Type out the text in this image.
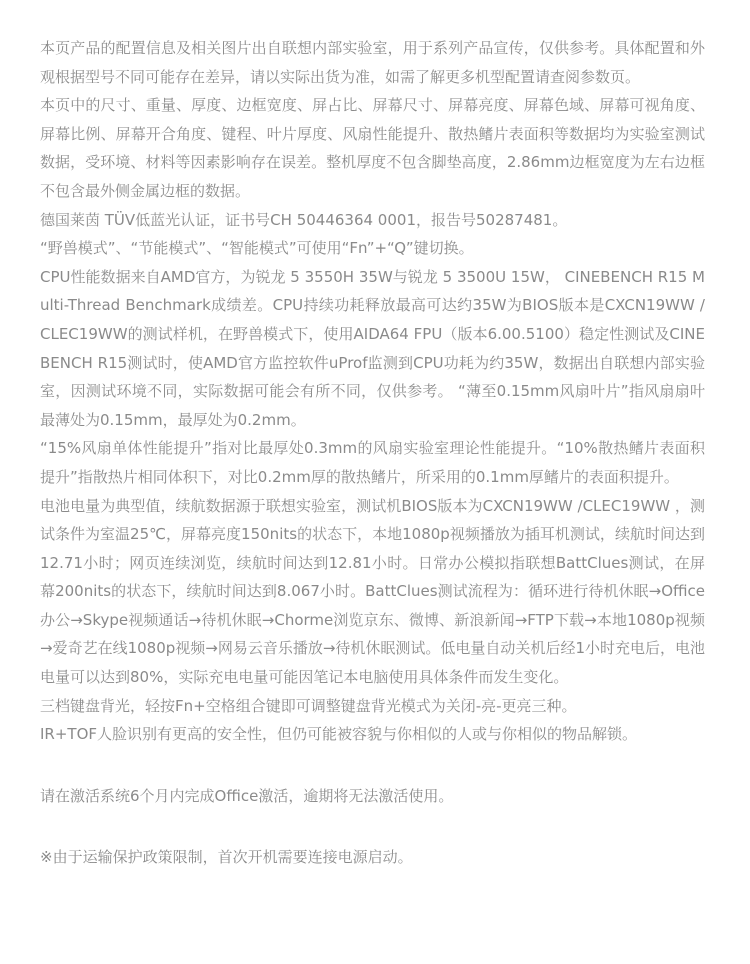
本页产品的配置信息及相关图片出自联想内部实验室，用于系列产品宣传，仅供参考。具体配置和外观根据型号不同可能存在差异，请以实际出货为准，如需了解更多机型配置请查阅参数页。

本页中的尺寸、重量、厚度、边框宽度、屏占比、屏幕尺寸、屏幕亮度、屏幕色域、屏幕可视角度、屏幕比例、屏幕开合角度、键程、叶片厚度、风扇性能提升、散热鳍片表面积等数据均为实验室测试数据，受环境、材料等因素影响存在误差。整机厚度不包含脚垫高度，2.86mm边框宽度为左右边框不包含最外侧金属边框的数据。

德国莱茵 TÜV低蓝光认证，证书号CH 50446364 0001，报告号50287481。

“野兽模式”、“节能模式”、“智能模式”可使用“Fn”+“Q”键切换。

CPU性能数据来自AMD官方，为锐龙 5 3550H 35W与锐龙 5 3500U 15W， CINEBENCH R15 Multi-Thread Benchmark成绩差。CPU持续功耗释放最高可达约35W为BIOS版本是CXCN19WW /CLEC19WW的测试样机，在野兽模式下，使用AIDA64 FPU（版本6.00.5100）稳定性测试及CINEBENCH R15测试时，使AMD官方监控软件uProf监测到CPU功耗为约35W，数据出自联想内部实验室，因测试环境不同，实际数据可能会有所不同，仅供参考。 “薄至0.15mm风扇叶片”指风扇扇叶最薄处为0.15mm，最厚处为0.2mm。

“15%风扇单体性能提升”指对比最厚处0.3mm的风扇实验室理论性能提升。“10%散热鳍片表面积提升”指散热片相同体积下，对比0.2mm厚的散热鳍片，所采用的0.1mm厚鳍片的表面积提升。

电池电量为典型值，续航数据源于联想实验室，测试机BIOS版本为CXCN19WW /CLEC19WW ，测试条件为室温25℃，屏幕亮度150nits的状态下，本地1080p视频播放为插耳机测试，续航时间达到12.71小时；网页连续浏览，续航时间达到12.81小时。日常办公模拟指联想BattClues测试，在屏幕200nits的状态下，续航时间达到8.067小时。BattClues测试流程为：循环进行待机休眠→Office办公→Skype视频通话→待机休眠→Chorme浏览京东、微博、新浪新闻→FTP下载→本地1080p视频→爱奇艺在线1080p视频→网易云音乐播放→待机休眠测试。低电量自动关机后经1小时充电后，电池电量可以达到80%，实际充电电量可能因笔记本电脑使用具体条件而发生变化。

三档键盘背光，轻按Fn+空格组合键即可调整键盘背光模式为关闭-亮-更亮三种。

IR+TOF人脸识别有更高的安全性，但仍可能被容貌与你相似的人或与你相似的物品解锁。

请在激活系统6个月内完成Office激活，逾期将无法激活使用。

※由于运输保护政策限制，首次开机需要连接电源启动。
